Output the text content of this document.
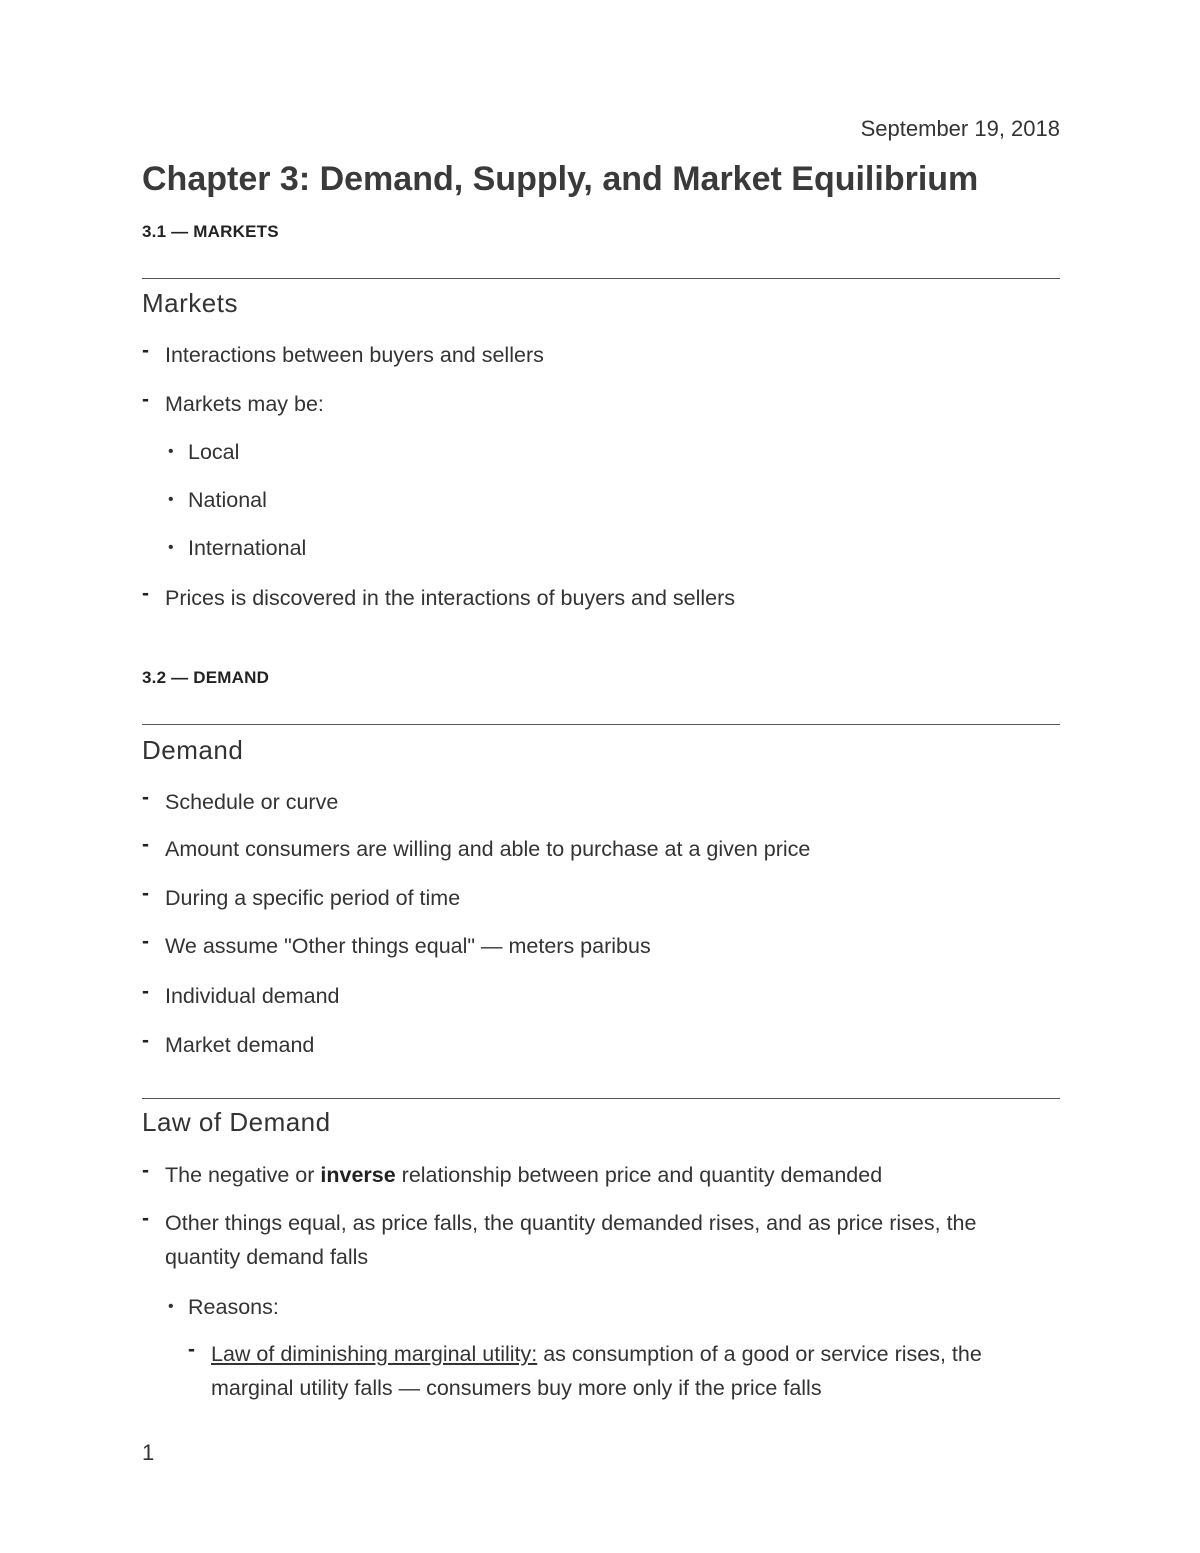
September 19, 2018
Chapter 3: Demand, Supply, and Market Equilibrium
3.1 — MARKETS
Markets
- Interactions between buyers and sellers
- Markets may be:
• Local
• National
• International
- Prices is discovered in the interactions of buyers and sellers
3.2 — DEMAND
Demand
- Schedule or curve
- Amount consumers are willing and able to purchase at a given price
- During a specific period of time
- We assume "Other things equal" — meters paribus
- Individual demand
- Market demand
Law of Demand
- The negative or inverse relationship between price and quantity demanded
- Other things equal, as price falls, the quantity demanded rises, and as price rises, the
quantity demand falls
• Reasons:
- Law of diminishing marginal utility: as consumption of a good or service rises, the
marginal utility falls — consumers buy more only if the price falls
1
